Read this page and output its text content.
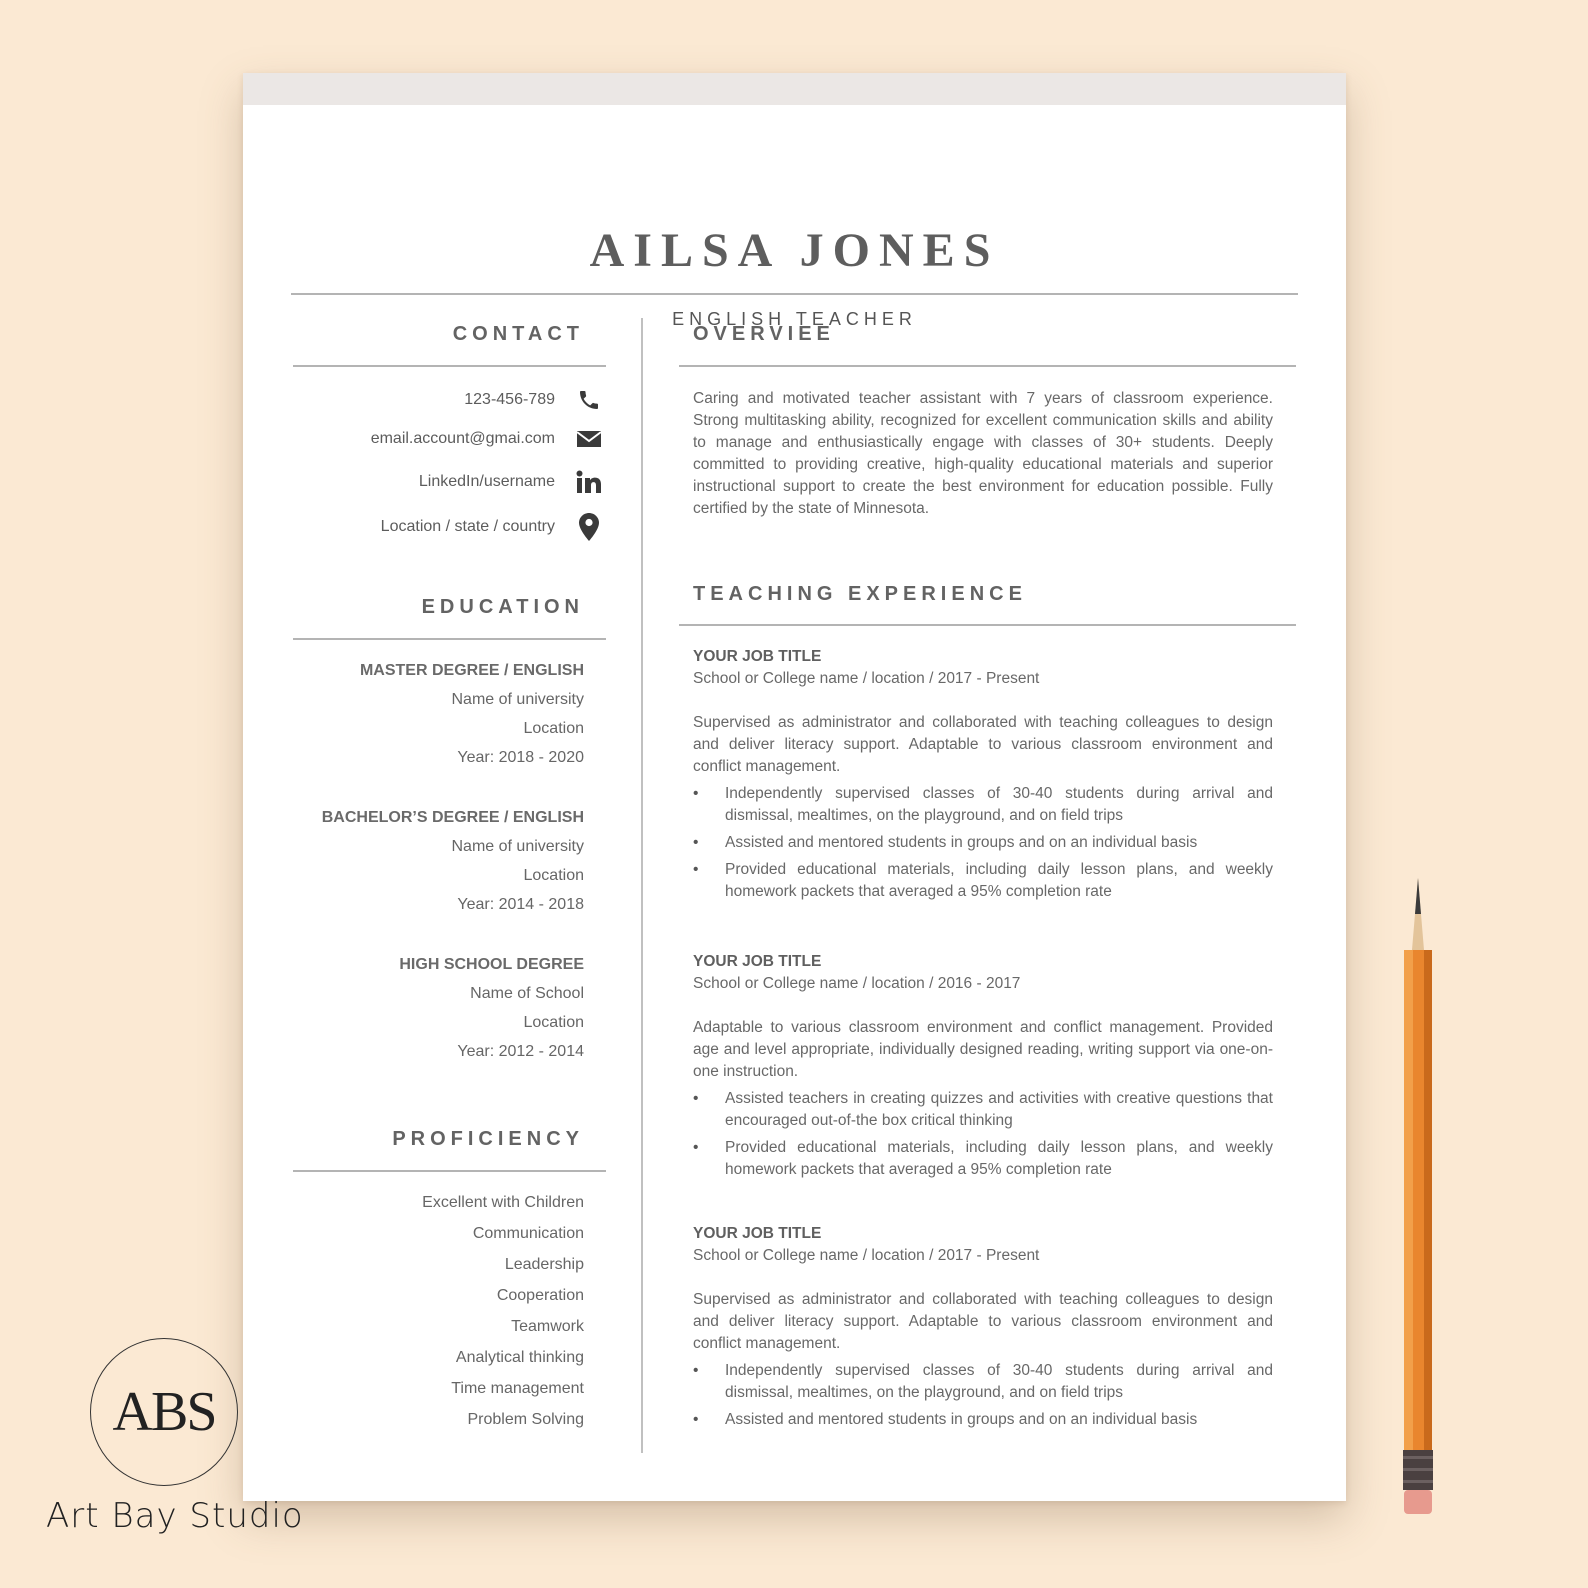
AILSA JONES
ENGLISH TEACHER
CONTACT
123-456-789
email.account@gmai.com
LinkedIn/username
Location / state / country
EDUCATION
MASTER DEGREE / ENGLISH
Name of university
Location
Year: 2018 - 2020
BACHELOR’S DEGREE / ENGLISH
Name of university
Location
Year: 2014 - 2018
HIGH SCHOOL DEGREE
Name of School
Location
Year: 2012 - 2014
PROFICIENCY
Excellent with Children
Communication
Leadership
Cooperation
Teamwork
Analytical thinking
Time management
Problem Solving
OVERVIEE

Caring and motivated teacher assistant with 7 years of classroom experience. Strong multitasking ability, recognized for excellent communication skills and ability to manage and enthusiastically engage with classes of 30+ students. Deeply committed to providing creative, high-quality educational materials and superior instructional support to create the best environment for education possible. Fully certified by the state of Minnesota.

TEACHING EXPERIENCE
YOUR JOB TITLE
School or College name / location / 2017 - Present

Supervised as administrator and collaborated with teaching colleagues to design and deliver literacy support. Adaptable to various classroom environment and conflict management.

• Independently supervised classes of 30-40 students during arrival and dismissal, mealtimes, on the playground, and on field trips
• Assisted and mentored students in groups and on an individual basis
• Provided educational materials, including daily lesson plans, and weekly homework packets that averaged a 95% completion rate
YOUR JOB TITLE
School or College name / location / 2016 - 2017

Adaptable to various classroom environment and conflict management. Provided age and level appropriate, individually designed reading, writing support via one-on-one instruction.

• Assisted teachers in creating quizzes and activities with creative questions that encouraged out-of-the box critical thinking
• Provided educational materials, including daily lesson plans, and weekly homework packets that averaged a 95% completion rate
YOUR JOB TITLE
School or College name / location / 2017 - Present

Supervised as administrator and collaborated with teaching colleagues to design and deliver literacy support. Adaptable to various classroom environment and conflict management.

• Independently supervised classes of 30-40 students during arrival and dismissal, mealtimes, on the playground, and on field trips
• Assisted and mentored students in groups and on an individual basis
ABS
Art Bay Studio
